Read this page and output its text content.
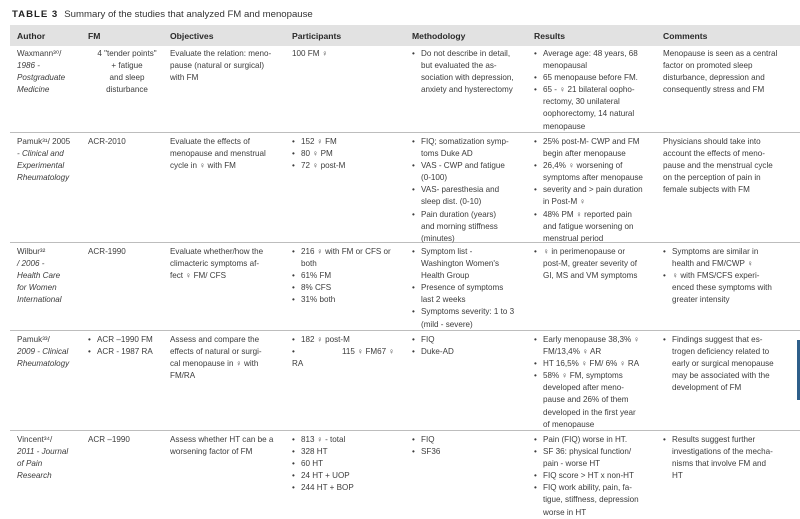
TABLE 3 Summary of the studies that analyzed FM and menopause
Author	FM	Objectives	Participants	Methodology	Results	Comments
Waxmann³⁰/
1986 -
Postgraduate
Medicine
4 "tender points"
+ fatigue
and sleep
disturbance
Evaluate the relation: meno-
pause (natural or surgical)
with FM
100 FM ♀
•	Do not describe in detail,
but evaluated the as-
sociation with depression,
anxiety and hysterectomy
• Average age: 48 years, 68
menopausal
• 65 menopause before FM.
• 65 - ♀ 21 bilateral oopho-
rectomy, 30 unilateral
oophorectomy, 14 natural
menopause
Menopause is seen as a central
factor on promoted sleep
disturbance, depression and
consequently stress and FM
Pamuk³¹/ 2005
- Clinical and
Experimental
Rheumatology
ACR-2010	Evaluate the effects of
menopause and menstrual
cycle in ♀ with FM
• 152 ♀ FM
• 80 ♀ PM
• 72 ♀ post-M
• FIQ; somatization symp-
toms Duke AD
• VAS - CWP and fatigue
(0-100)
• VAS- paresthesia and
sleep dist. (0-10)
• Pain duration (years)
and morning stiffness
(minutes)
• 25% post-M- CWP and FM
begin after menopause
• 26,4% ♀ worsening of
symptoms after menopause
• severity and > pain duration
in Post-M ♀
• 48% PM ♀ reported pain
and fatigue worsening on
menstrual period
Physicians should take into
account the effects of meno-
pause and the menstrual cycle
on the perception of pain in
female subjects with FM
Wilbur³²
/ 2006 -
Health Care
for Women
International
ACR-1990	Evaluate whether/how the
climacteric symptoms af-
fect ♀ FM/ CFS
• 216 ♀ with FM or CFS or
both
• 61% FM
• 8% CFS
• 31% both
• Symptom list -
Washington Women's
Health Group
• Presence of symptoms
last 2 weeks
• Symptoms severity: 1 to 3
(mild - severe)
• ♀ in perimenopause or
post-M, greater severity of
GI, MS and VM symptoms
• Symptoms are similar in
health and FM/CWP ♀
• ♀ with FMS/CFS experi-
enced these symptoms with
greater intensity
Pamuk³³/
2009 - Clinical
Rheumatology
• ACR –1990 FM
• ACR - 1987 RA
Assess and compare the
effects of natural or surgi-
cal menopause in ♀ with
FM/RA
• 182 ♀ post-M
• 115 ♀ FM67 ♀
RA
• FIQ
• Duke-AD
• Early menopause 38,3% ♀
FM/13,4% ♀ AR
• HT 16,5% ♀ FM/ 6% ♀ RA
• 58% ♀ FM, symptoms
developed after meno-
pause and 26% of them
developed in the first year
of menopause
• Findings suggest that es-
trogen deficiency related to
early or surgical menopause
may be associated with the
development of FM
Vincent³⁴/
2011 - Journal
of Pain
Research
ACR –1990	Assess whether HT can be a
worsening factor of FM
• 813 ♀ - total
• 328 HT
• 60 HT
• 24 HT + UOP
• 244 HT + BOP
• FIQ
• SF36
• Pain (FIQ) worse in HT.
• SF 36: physical function/
pain - worse HT
• FIQ score > HT x non-HT
• FIQ work ability, pain, fa-
tigue, stiffness, depression
worse in HT
• Results suggest further
investigations of the mecha-
nisms that involve FM and
HT
